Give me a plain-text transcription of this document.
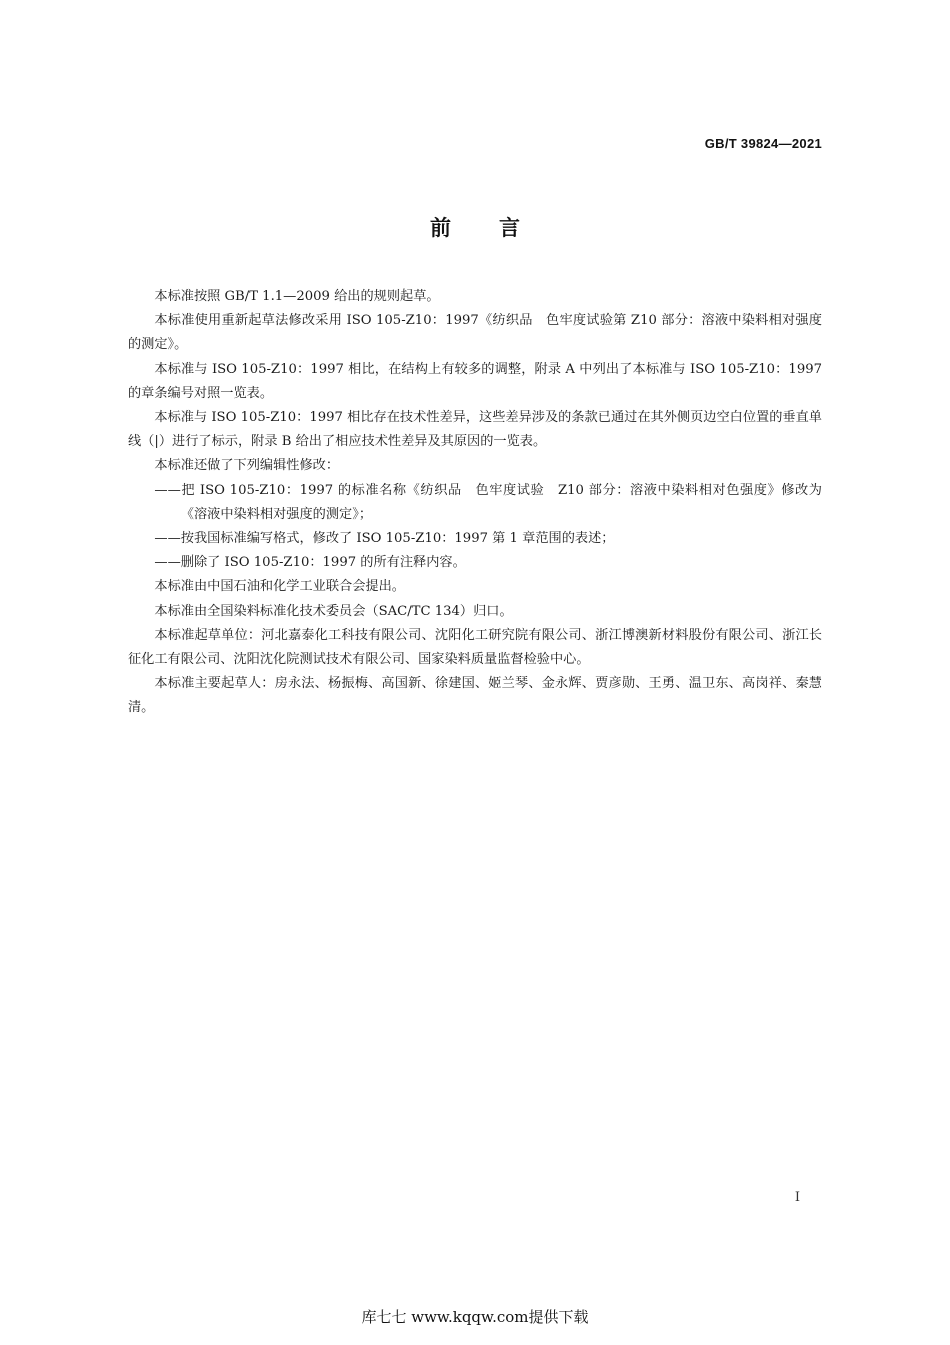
GB/T 39824—2021
前言

本标准按照 GB/T 1.1—2009 给出的规则起草。

本标准使用重新起草法修改采用 ISO 105-Z10：1997《纺织品　色牢度试验第 Z10 部分：溶液中染料相对强度的测定》。

本标准与 ISO 105-Z10：1997 相比，在结构上有较多的调整，附录 A 中列出了本标准与 ISO 105-Z10：1997 的章条编号对照一览表。

本标准与 ISO 105-Z10：1997 相比存在技术性差异，这些差异涉及的条款已通过在其外侧页边空白位置的垂直单线（|）进行了标示，附录 B 给出了相应技术性差异及其原因的一览表。

本标准还做了下列编辑性修改：

——把 ISO 105-Z10：1997 的标准名称《纺织品　色牢度试验　Z10 部分：溶液中染料相对色强度》修改为《溶液中染料相对强度的测定》；
——按我国标准编写格式，修改了 ISO 105-Z10：1997 第 1 章范围的表述；
——删除了 ISO 105-Z10：1997 的所有注释内容。

本标准由中国石油和化学工业联合会提出。

本标准由全国染料标准化技术委员会（SAC/TC 134）归口。

本标准起草单位：河北嘉泰化工科技有限公司、沈阳化工研究院有限公司、浙江博澳新材料股份有限公司、浙江长征化工有限公司、沈阳沈化院测试技术有限公司、国家染料质量监督检验中心。

本标准主要起草人：房永法、杨振梅、高国新、徐建国、姬兰琴、金永辉、贾彦勋、王勇、温卫东、高岗祥、秦慧清。

I
库七七 www.kqqw.com提供下载
